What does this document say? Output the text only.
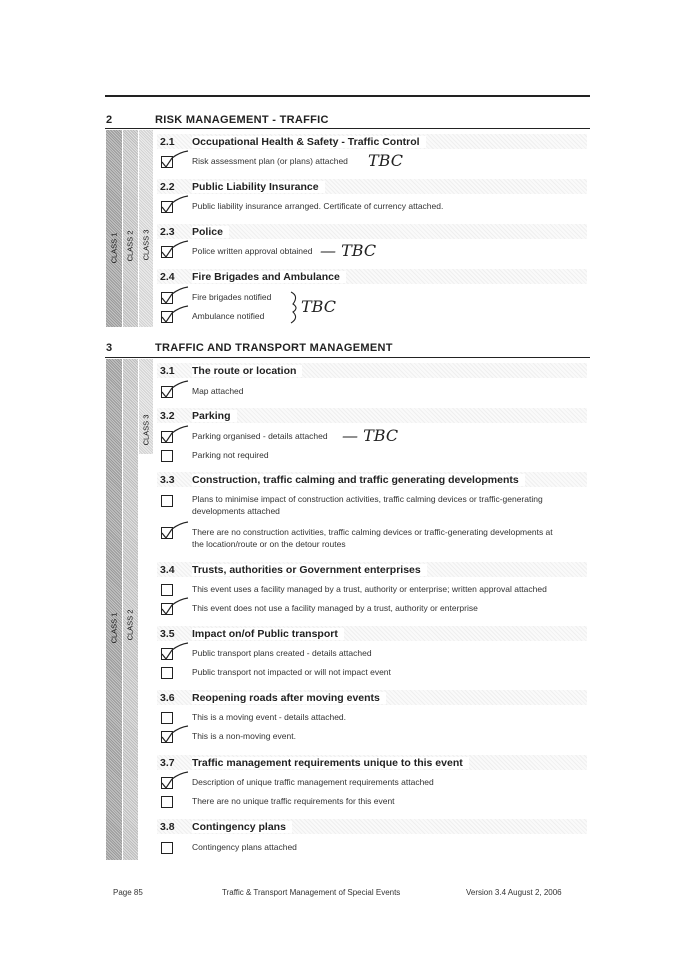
2	RISK MANAGEMENT - TRAFFIC
CLASS 1 CLASS 2 CLASS 3
2.1 Occupational Health & Safety - Traffic Control
Risk assessment plan (or plans) attached TBC
2.2 Public Liability Insurance
Public liability insurance arranged. Certificate of currency attached.
2.3 Police
Police written approval obtained — TBC
2.4 Fire Brigades and Ambulance
Fire brigades notified
Ambulance notified TBC
3	TRAFFIC AND TRANSPORT MANAGEMENT
CLASS 1 CLASS 2
CLASS 3
3.1 The route or location
Map attached
3.2 Parking
Parking organised - details attached — TBC
Parking not required
3.3 Construction, traffic calming and traffic generating developments
Plans to minimise impact of construction activities, traffic calming devices or traffic-generating
developments attached
There are no construction activities, traffic calming devices or traffic-generating developments at
the location/route or on the detour routes
3.4 Trusts, authorities or Government enterprises
This event uses a facility managed by a trust, authority or enterprise; written approval attached
This event does not use a facility managed by a trust, authority or enterprise
3.5 Impact on/of Public transport
Public transport plans created - details attached
Public transport not impacted or will not impact event
3.6 Reopening roads after moving events
This is a moving event - details attached.
This is a non-moving event.
3.7 Traffic management requirements unique to this event
Description of unique traffic management requirements attached
There are no unique traffic requirements for this event
3.8 Contingency plans
Contingency plans attached
Page 85	Traffic & Transport Management of Special Events	Version 3.4 August 2, 2006
